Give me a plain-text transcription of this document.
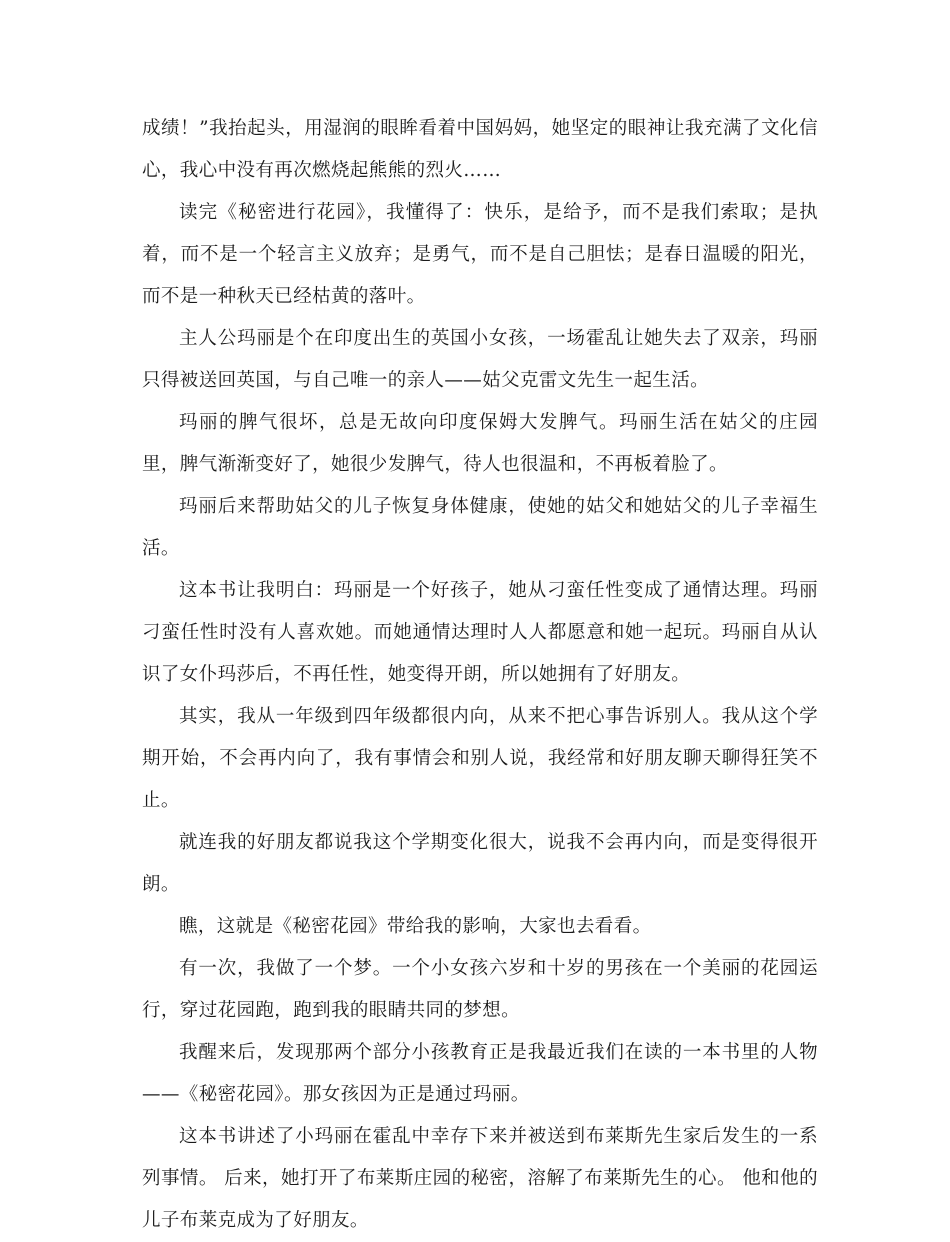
成绩！”我抬起头，用湿润的眼眸看着中国妈妈，她坚定的眼神让我充满了文化信心，我心中没有再次燃烧起熊熊的烈火……

读完《秘密进行花园》，我懂得了：快乐，是给予，而不是我们索取；是执着，而不是一个轻言主义放弃；是勇气，而不是自己胆怯；是春日温暖的阳光，而不是一种秋天已经枯黄的落叶。

主人公玛丽是个在印度出生的英国小女孩，一场霍乱让她失去了双亲，玛丽只得被送回英国，与自己唯一的亲人——姑父克雷文先生一起生活。

玛丽的脾气很坏，总是无故向印度保姆大发脾气。玛丽生活在姑父的庄园里，脾气渐渐变好了，她很少发脾气，待人也很温和，不再板着脸了。

玛丽后来帮助姑父的儿子恢复身体健康，使她的姑父和她姑父的儿子幸福生活。

这本书让我明白：玛丽是一个好孩子，她从刁蛮任性变成了通情达理。玛丽刁蛮任性时没有人喜欢她。而她通情达理时人人都愿意和她一起玩。玛丽自从认识了女仆玛莎后，不再任性，她变得开朗，所以她拥有了好朋友。

其实，我从一年级到四年级都很内向，从来不把心事告诉别人。我从这个学期开始，不会再内向了，我有事情会和别人说，我经常和好朋友聊天聊得狂笑不止。

就连我的好朋友都说我这个学期变化很大，说我不会再内向，而是变得很开朗。

瞧，这就是《秘密花园》带给我的影响，大家也去看看。

有一次，我做了一个梦。一个小女孩六岁和十岁的男孩在一个美丽的花园运行，穿过花园跑，跑到我的眼睛共同的梦想。

我醒来后，发现那两个部分小孩教育正是我最近我们在读的一本书里的人物——《秘密花园》。那女孩因为正是通过玛丽。

这本书讲述了小玛丽在霍乱中幸存下来并被送到布莱斯先生家后发生的一系列事情。 后来，她打开了布莱斯庄园的秘密，溶解了布莱斯先生的心。 他和他的儿子布莱克成为了好朋友。
